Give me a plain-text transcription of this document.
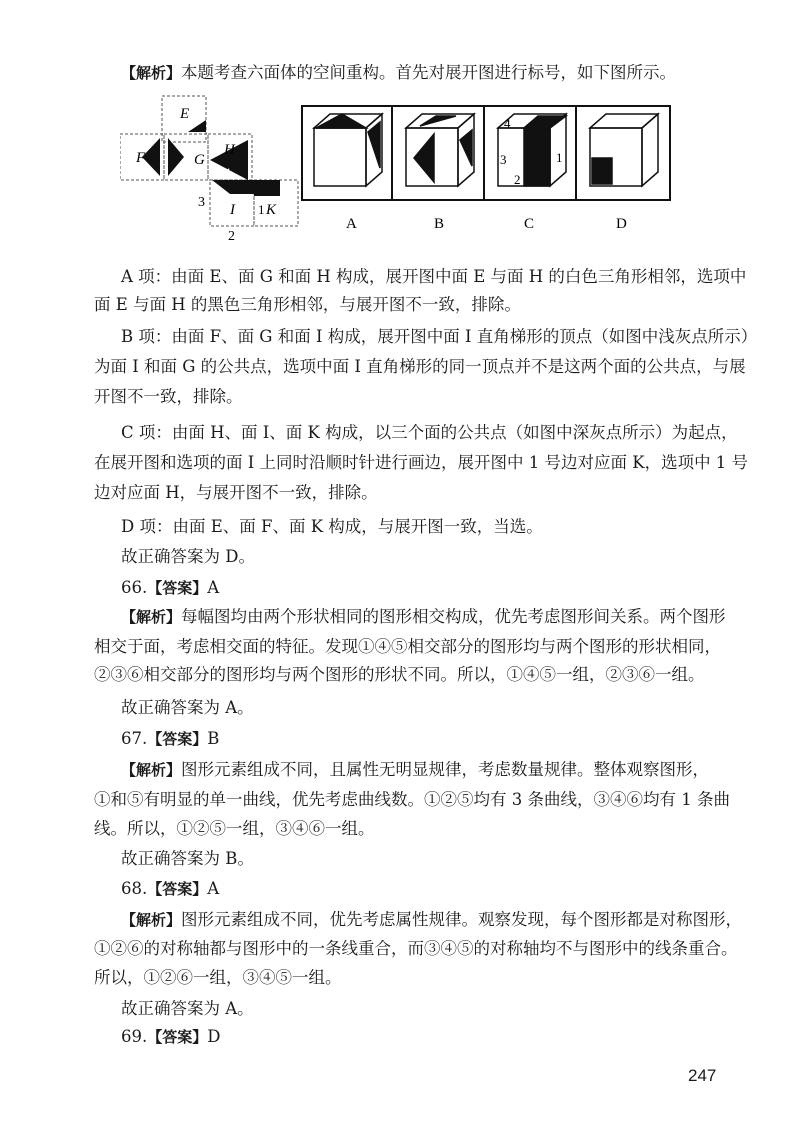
【解析】本题考查六面体的空间重构。首先对展开图进行标号，如下图所示。
E
F	G
H
I K
4
3	1
2
4
3	1
2
A	B	C	D
A 项：由面 E、面 G 和面 H 构成，展开图中面 E 与面 H 的白色三角形相邻，选项中
面 E 与面 H 的黑色三角形相邻，与展开图不一致，排除。
B 项：由面 F、面 G 和面 I 构成，展开图中面 I 直角梯形的顶点（如图中浅灰点所示）
为面 I 和面 G 的公共点，选项中面 I 直角梯形的同一顶点并不是这两个面的公共点，与展
开图不一致，排除。
C 项：由面 H、面 I、面 K 构成，以三个面的公共点（如图中深灰点所示）为起点，
在展开图和选项的面 I 上同时沿顺时针进行画边，展开图中 1 号边对应面 K，选项中 1 号
边对应面 H，与展开图不一致，排除。
D 项：由面 E、面 F、面 K 构成，与展开图一致，当选。
故正确答案为 D。
66.【答案】A
【解析】每幅图均由两个形状相同的图形相交构成，优先考虑图形间关系。两个图形
相交于面，考虑相交面的特征。发现①④⑤相交部分的图形均与两个图形的形状相同，
②③⑥相交部分的图形均与两个图形的形状不同。所以，①④⑤一组，②③⑥一组。
故正确答案为 A。
67.【答案】B
【解析】图形元素组成不同，且属性无明显规律，考虑数量规律。整体观察图形，
①和⑤有明显的单一曲线，优先考虑曲线数。①②⑤均有 3 条曲线，③④⑥均有 1 条曲
线。所以，①②⑤一组，③④⑥一组。
故正确答案为 B。
68.【答案】A
【解析】图形元素组成不同，优先考虑属性规律。观察发现，每个图形都是对称图形，
①②⑥的对称轴都与图形中的一条线重合，而③④⑤的对称轴均不与图形中的线条重合。
所以，①②⑥一组，③④⑤一组。
故正确答案为 A。
69.【答案】D
247
